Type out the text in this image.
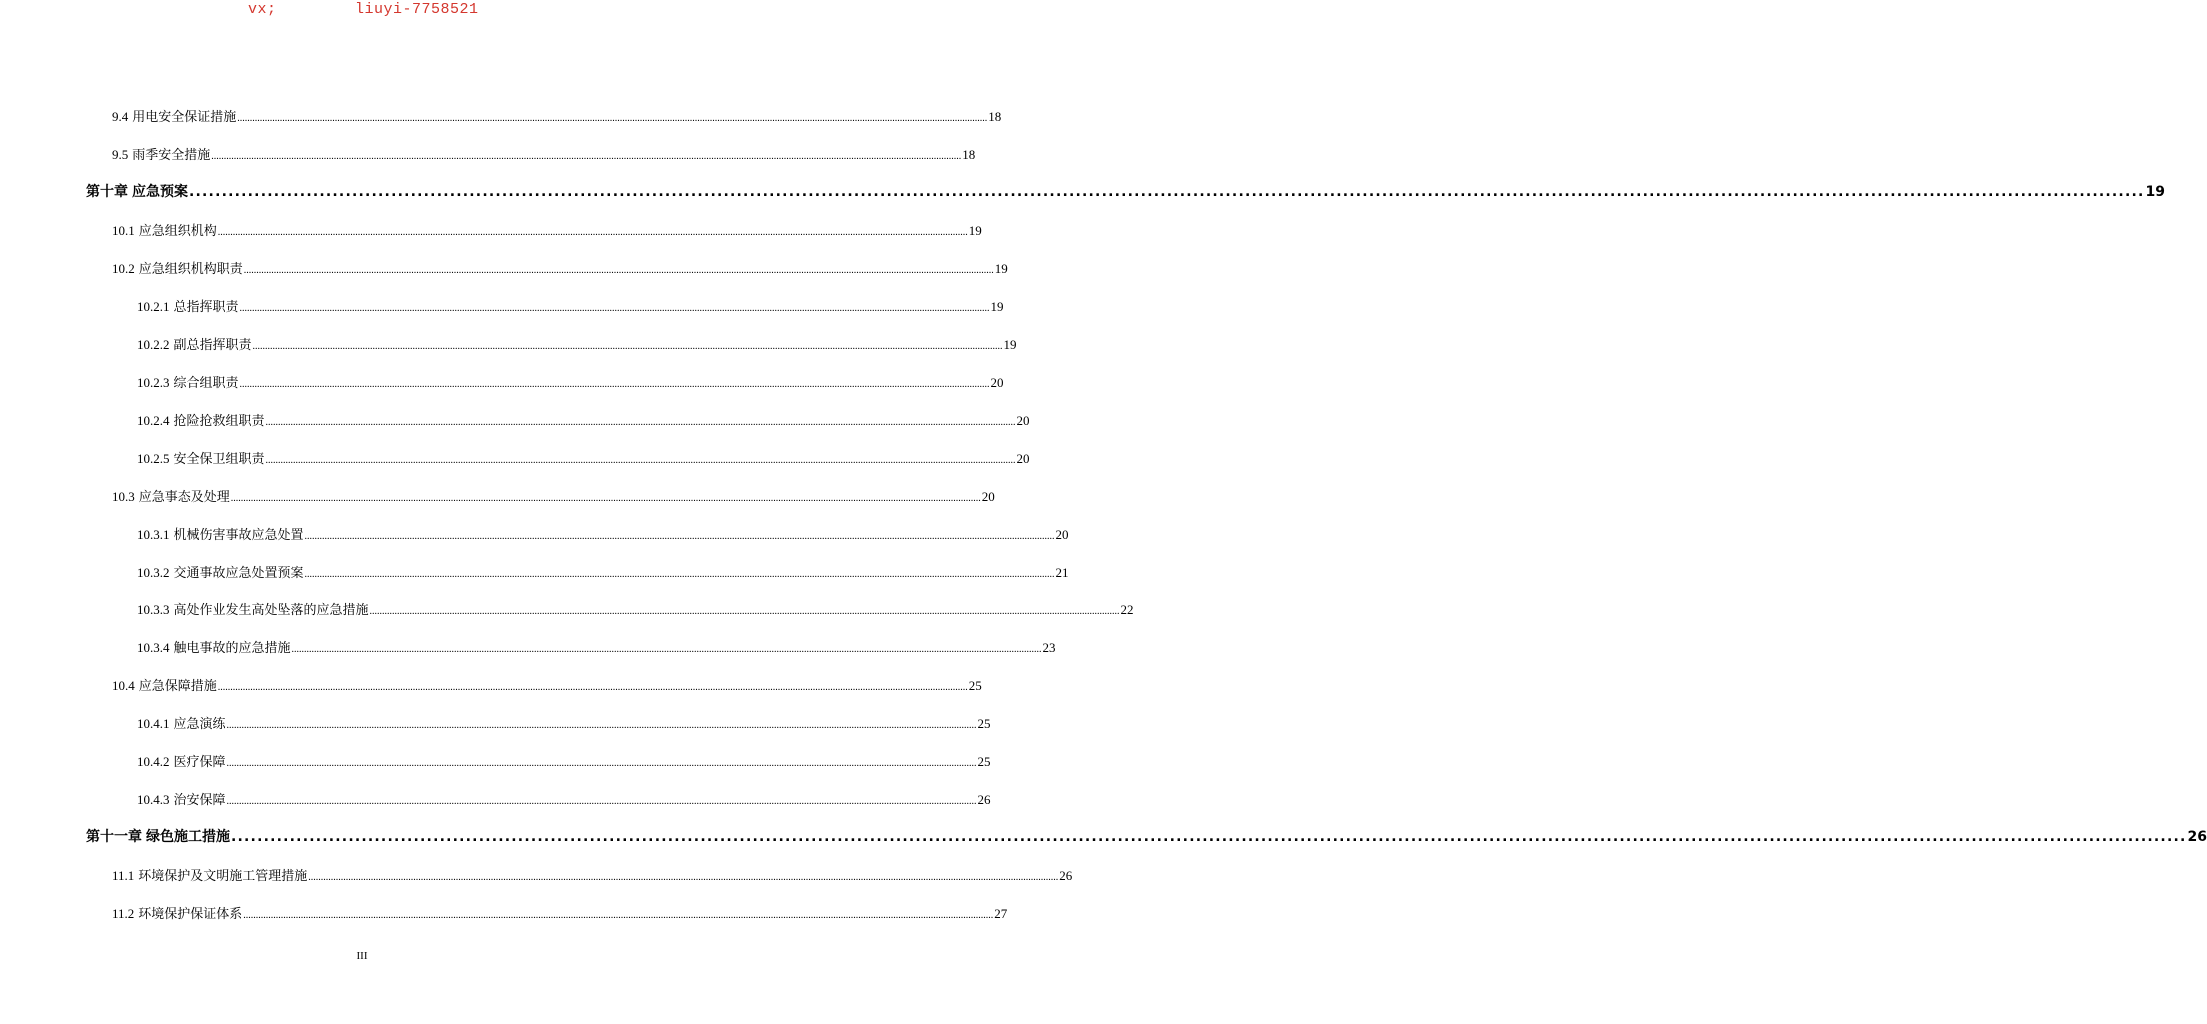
vx;	liuyi-7758521
9.4 用电安全保证措施 ............................................................................................................................................................................................................................................................................................................ 18
9.5 雨季安全措施 ............................................................................................................................................................................................................................................................................................................ 18
第十章 应急预案 ............................................................................................................................................................................................................................................................................................................ 19
10.1 应急组织机构 ............................................................................................................................................................................................................................................................................................................ 19
10.2 应急组织机构职责 ............................................................................................................................................................................................................................................................................................................ 19
10.2.1 总指挥职责 ............................................................................................................................................................................................................................................................................................................ 19
10.2.2 副总指挥职责 ............................................................................................................................................................................................................................................................................................................ 19
10.2.3 综合组职责 ............................................................................................................................................................................................................................................................................................................ 20
10.2.4 抢险抢救组职责 ............................................................................................................................................................................................................................................................................................................ 20
10.2.5 安全保卫组职责 ............................................................................................................................................................................................................................................................................................................ 20
10.3 应急事态及处理 ............................................................................................................................................................................................................................................................................................................ 20
10.3.1 机械伤害事故应急处置 ............................................................................................................................................................................................................................................................................................................ 20
10.3.2 交通事故应急处置预案 ............................................................................................................................................................................................................................................................................................................ 21
10.3.3 高处作业发生高处坠落的应急措施 ............................................................................................................................................................................................................................................................................................................ 22
10.3.4 触电事故的应急措施 ............................................................................................................................................................................................................................................................................................................ 23
10.4 应急保障措施 ............................................................................................................................................................................................................................................................................................................ 25
10.4.1 应急演练 ............................................................................................................................................................................................................................................................................................................ 25
10.4.2 医疗保障 ............................................................................................................................................................................................................................................................................................................ 25
10.4.3 治安保障 ............................................................................................................................................................................................................................................................................................................ 26
第十一章 绿色施工措施 ............................................................................................................................................................................................................................................................................................................ 26
11.1 环境保护及文明施工管理措施 ............................................................................................................................................................................................................................................................................................................ 26
11.2 环境保护保证体系 ............................................................................................................................................................................................................................................................................................................ 27
III
